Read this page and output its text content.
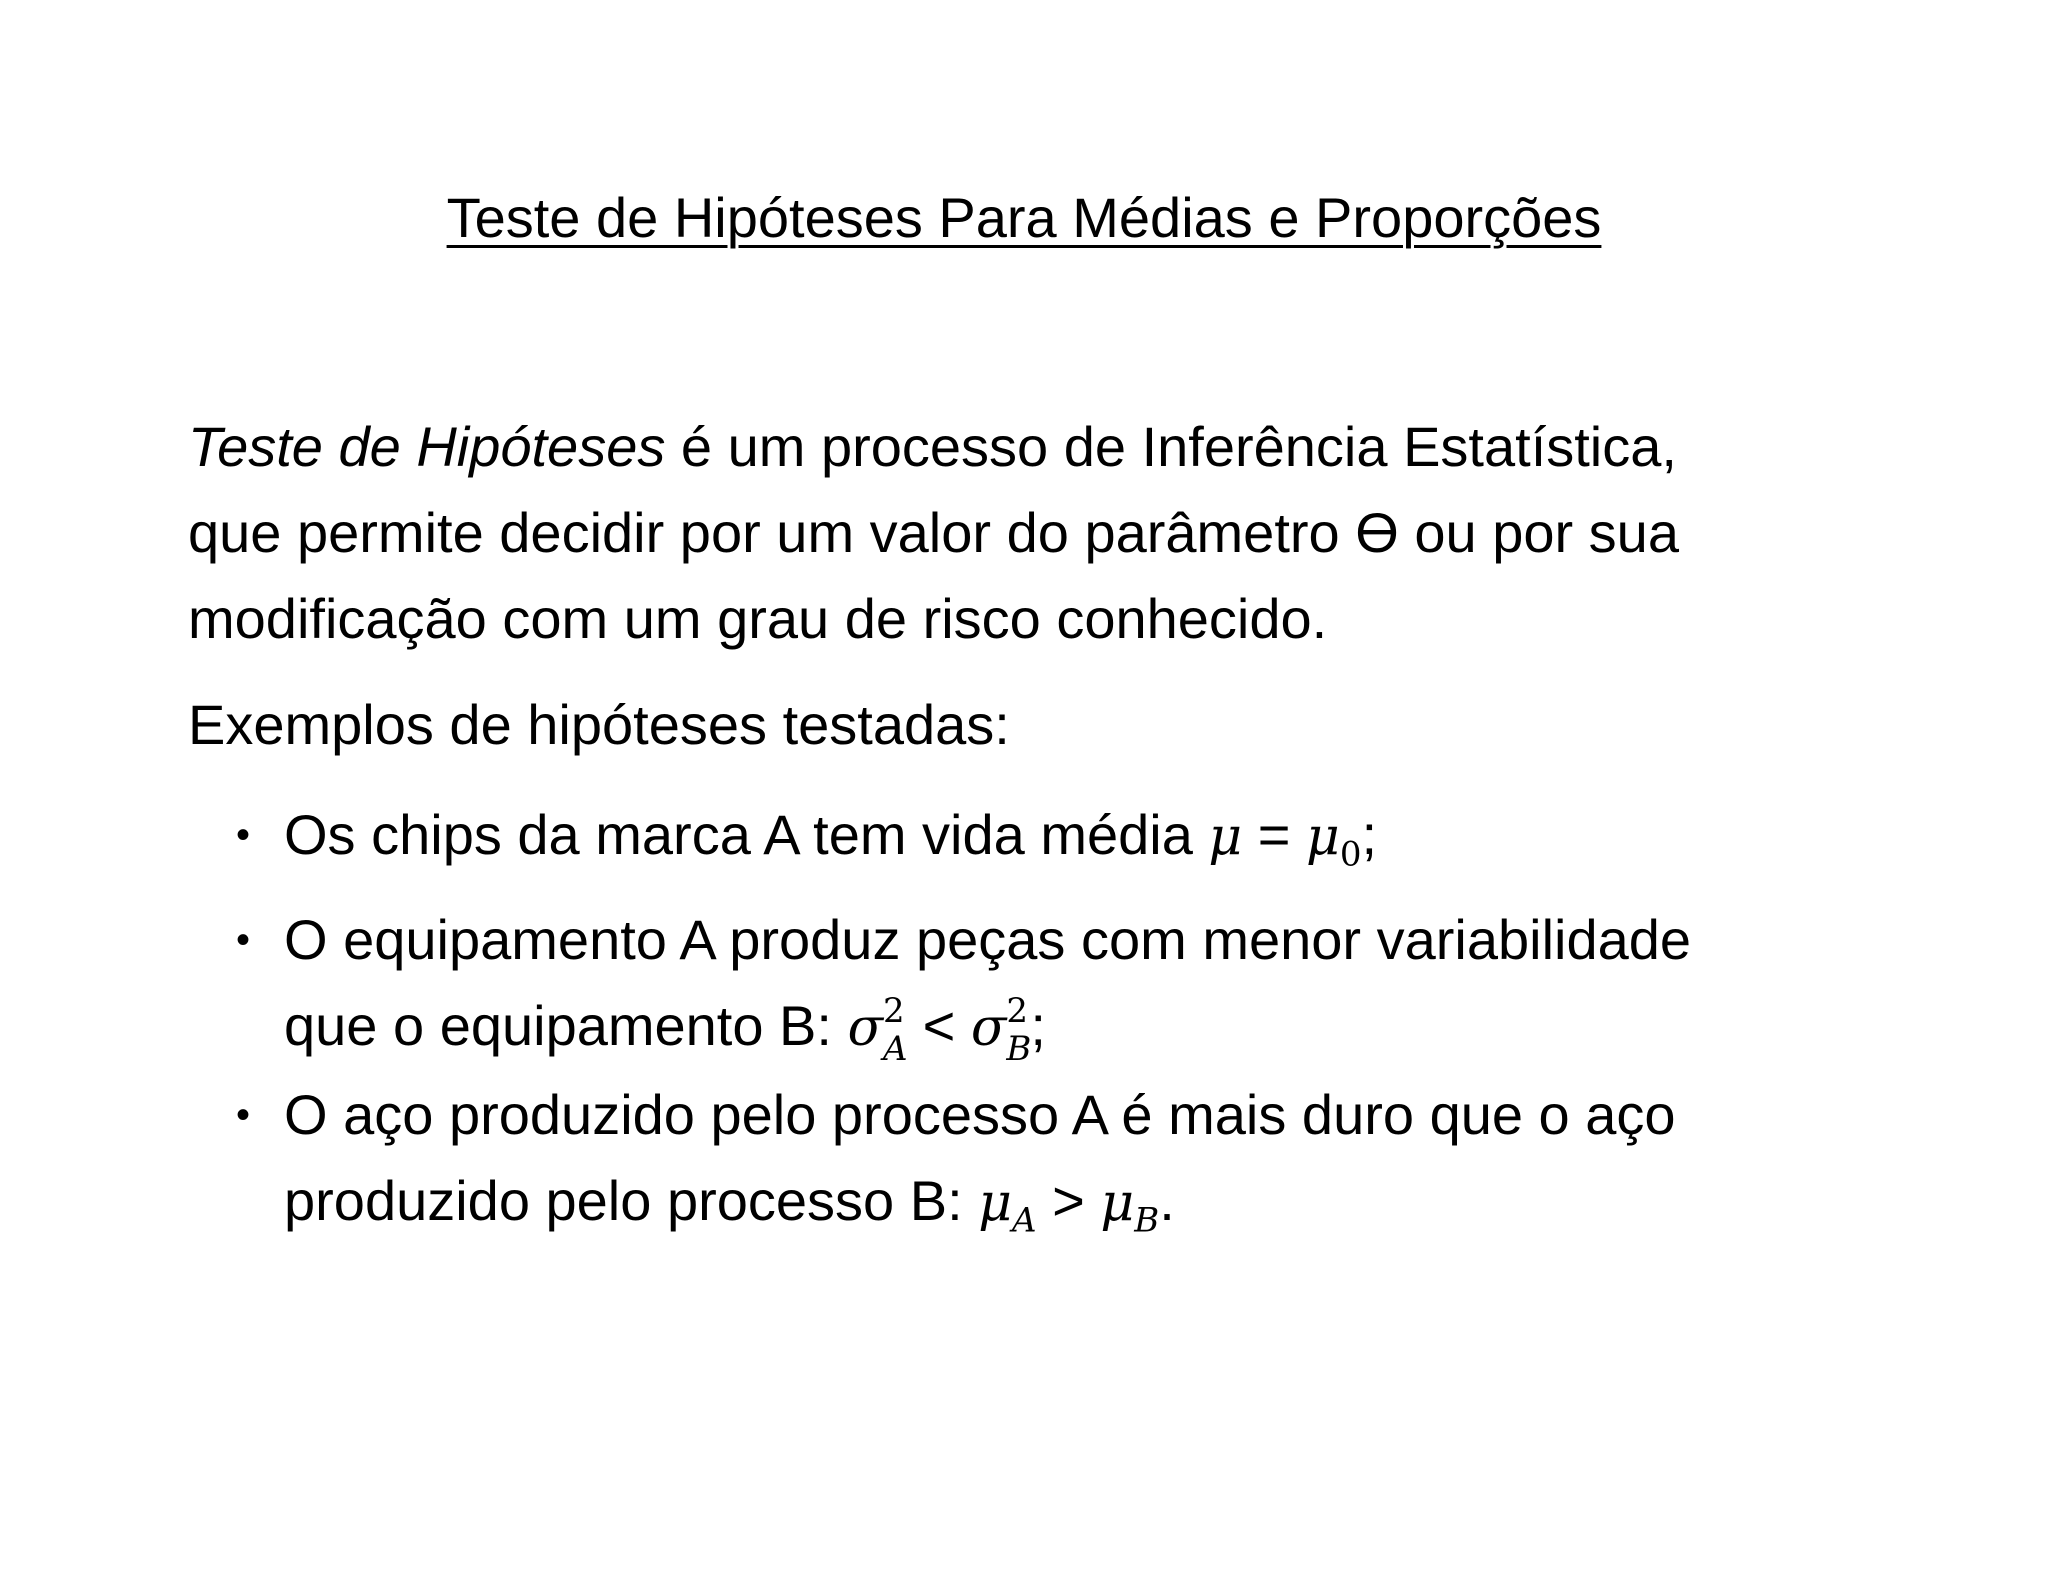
Teste de Hipóteses Para Médias e Proporções

Teste de Hipóteses é um processo de Inferência Estatística,
que permite decidir por um valor do parâmetro Ө ou por sua
modificação com um grau de risco conhecido.

Exemplos de hipóteses testadas:

• Os chips da marca A tem vida média $\mu = \mu_0$;
• O equipamento A produz peças com menor variabilidade
que o equipamento B: σ 2
A < σ 2
B ;
• O aço produzido pelo processo A é mais duro que o aço
produzido pelo processo B: $\mu_A > \mu_B$.
